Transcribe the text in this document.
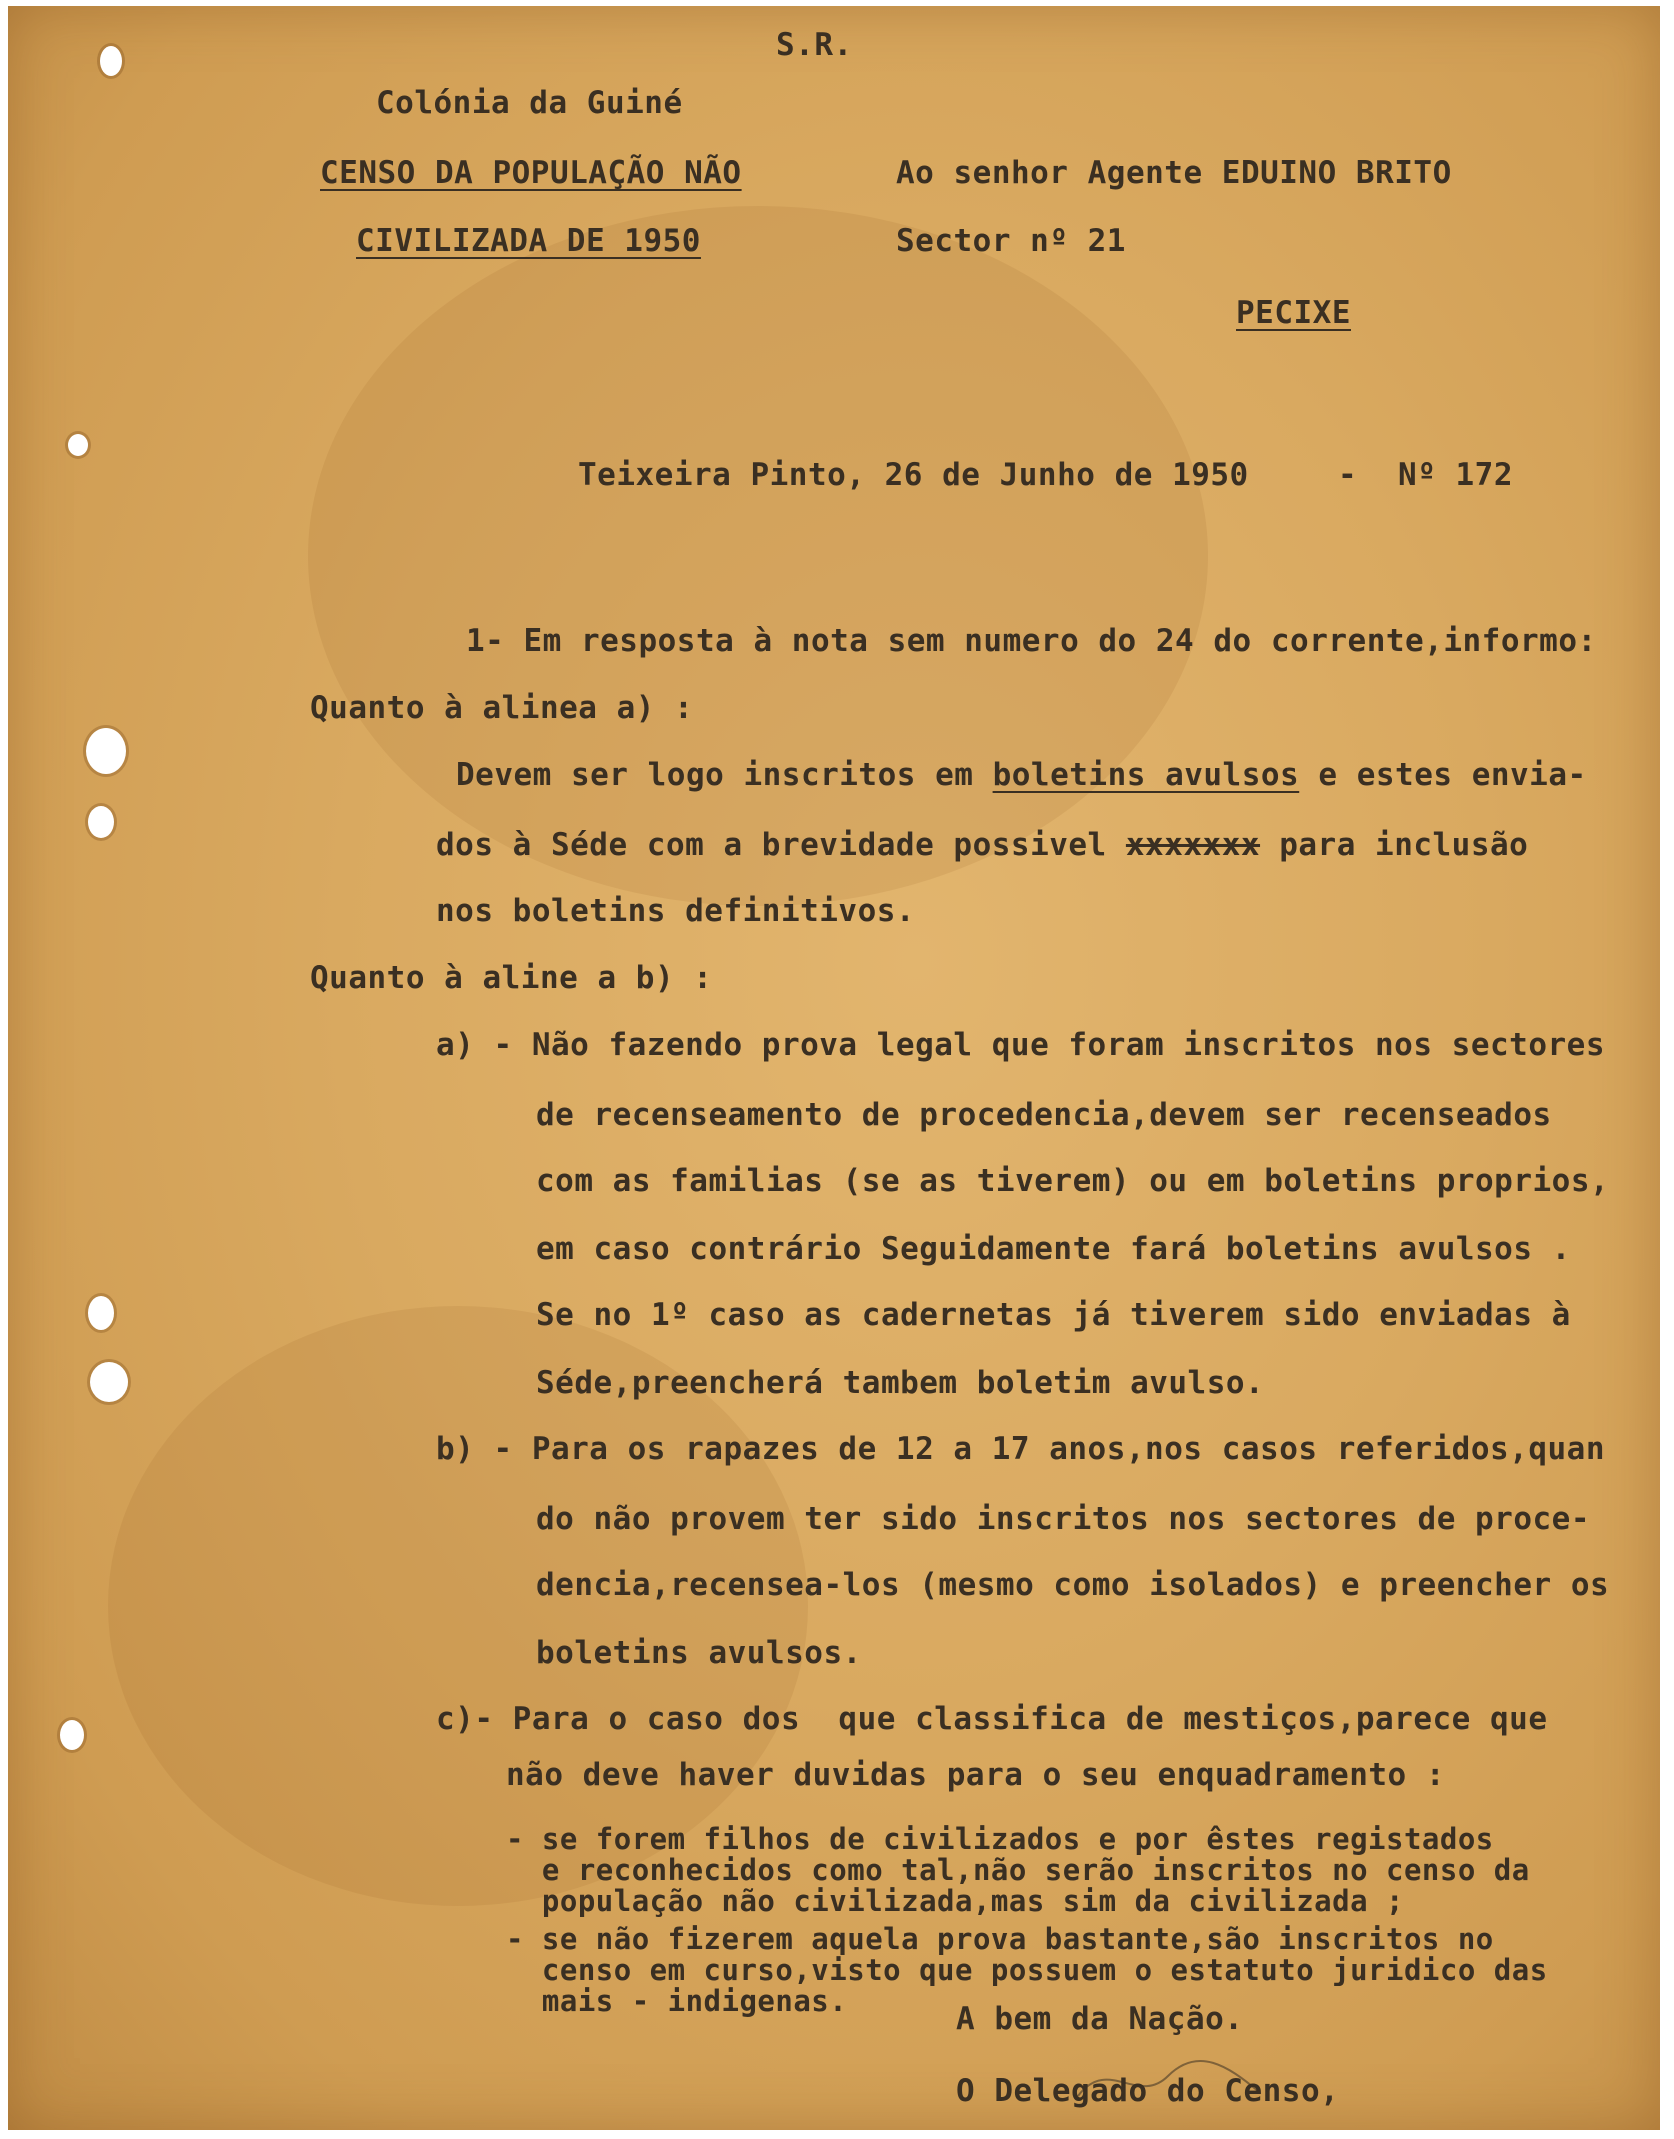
S.R.

Colónia da Guiné

CENSO DA POPULAÇÃO NÃO

CIVILIZADA DE 1950

Ao senhor Agente EDUINO BRITO

Sector nº 21

PECIXE

Teixeira Pinto, 26 de Junho de 1950	- Nº 172

1- Em resposta à nota sem numero do 24 do corrente,informo:

Quanto à alinea a) :

Devem ser logo inscritos em boletins avulsos e estes envia-

dos à Séde com a brevidade possivel xxxxxxx para inclusão

nos boletins definitivos.

Quanto à aline a b) :

a) - Não fazendo prova legal que foram inscritos nos sectores

de recenseamento de procedencia,devem ser recenseados

com as familias (se as tiverem) ou em boletins proprios,

em caso contrário Seguidamente fará boletins avulsos .

Se no 1º caso as cadernetas já tiverem sido enviadas à

Séde,preencherá tambem boletim avulso.

b) - Para os rapazes de 12 a 17 anos,nos casos referidos,quan

do não provem ter sido inscritos nos sectores de proce-

dencia,recensea-los (mesmo como isolados) e preencher os

boletins avulsos.

c)- Para o caso dos  que classifica de mestiços,parece que

não deve haver duvidas para o seu enquadramento :

- se forem filhos de civilizados e por êstes registados
e reconhecidos como tal,não serão inscritos no censo da
população não civilizada,mas sim da civilizada ;

- se não fizerem aquela prova bastante,são inscritos no
censo em curso,visto que possuem o estatuto juridico das
mais - indigenas.	A bem da Nação.

O Delegado do Censo,
